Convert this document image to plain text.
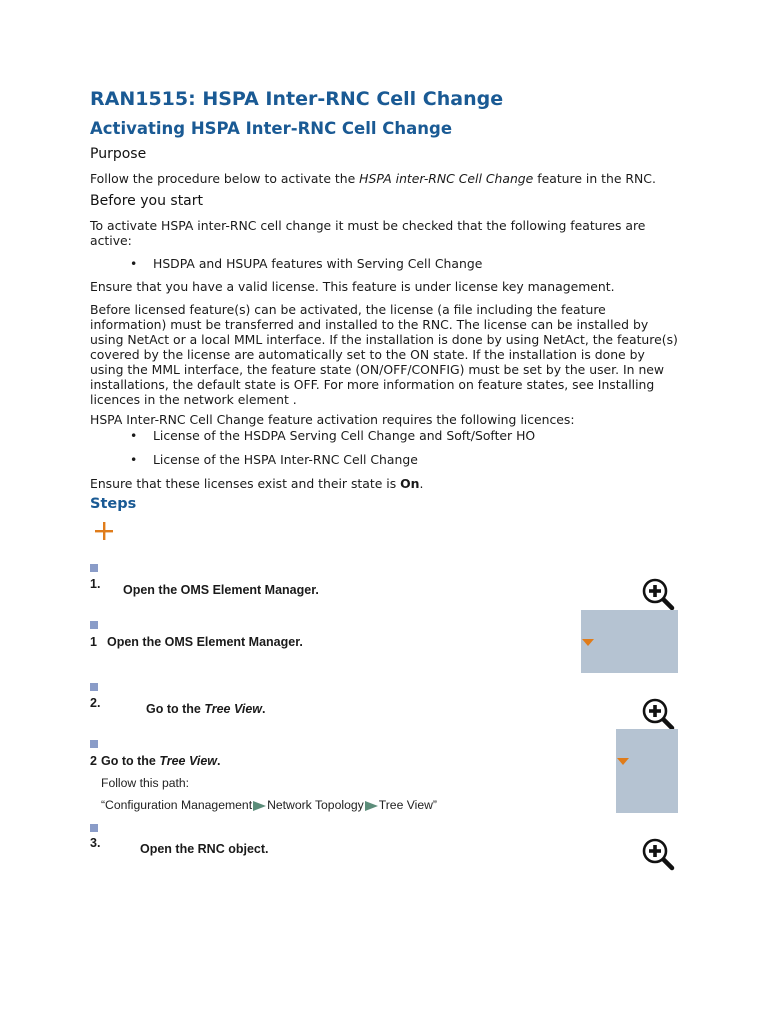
RAN1515: HSPA Inter-RNC Cell Change
Activating HSPA Inter-RNC Cell Change
Purpose
Follow the procedure below to activate the HSPA inter-RNC Cell Change feature in the RNC.
Before you start
To activate HSPA inter-RNC cell change it must be checked that the following features are active:
• HSDPA and HSUPA features with Serving Cell Change
Ensure that you have a valid license. This feature is under license key management.
Before licensed feature(s) can be activated, the license (a file including the feature information) must be transferred and installed to the RNC. The license can be installed by using NetAct or a local MML interface. If the installation is done by using NetAct, the feature(s) covered by the license are automatically set to the ON state. If the installation is done by using the MML interface, the feature state (ON/OFF/CONFIG) must be set by the user. In new installations, the default state is OFF. For more information on feature states, see Installing licences in the network element .
HSPA Inter-RNC Cell Change feature activation requires the following licences:
• License of the HSDPA Serving Cell Change and Soft/Softer HO
• License of the HSPA Inter-RNC Cell Change
Ensure that these licenses exist and their state is On.
Steps
1. Open the OMS Element Manager.
1 Open the OMS Element Manager.
2.	Go to the Tree View.
2 Go to the Tree View.
Follow this path:
“Configuration Management Network Topology Tree View”
3.	Open the RNC object.
